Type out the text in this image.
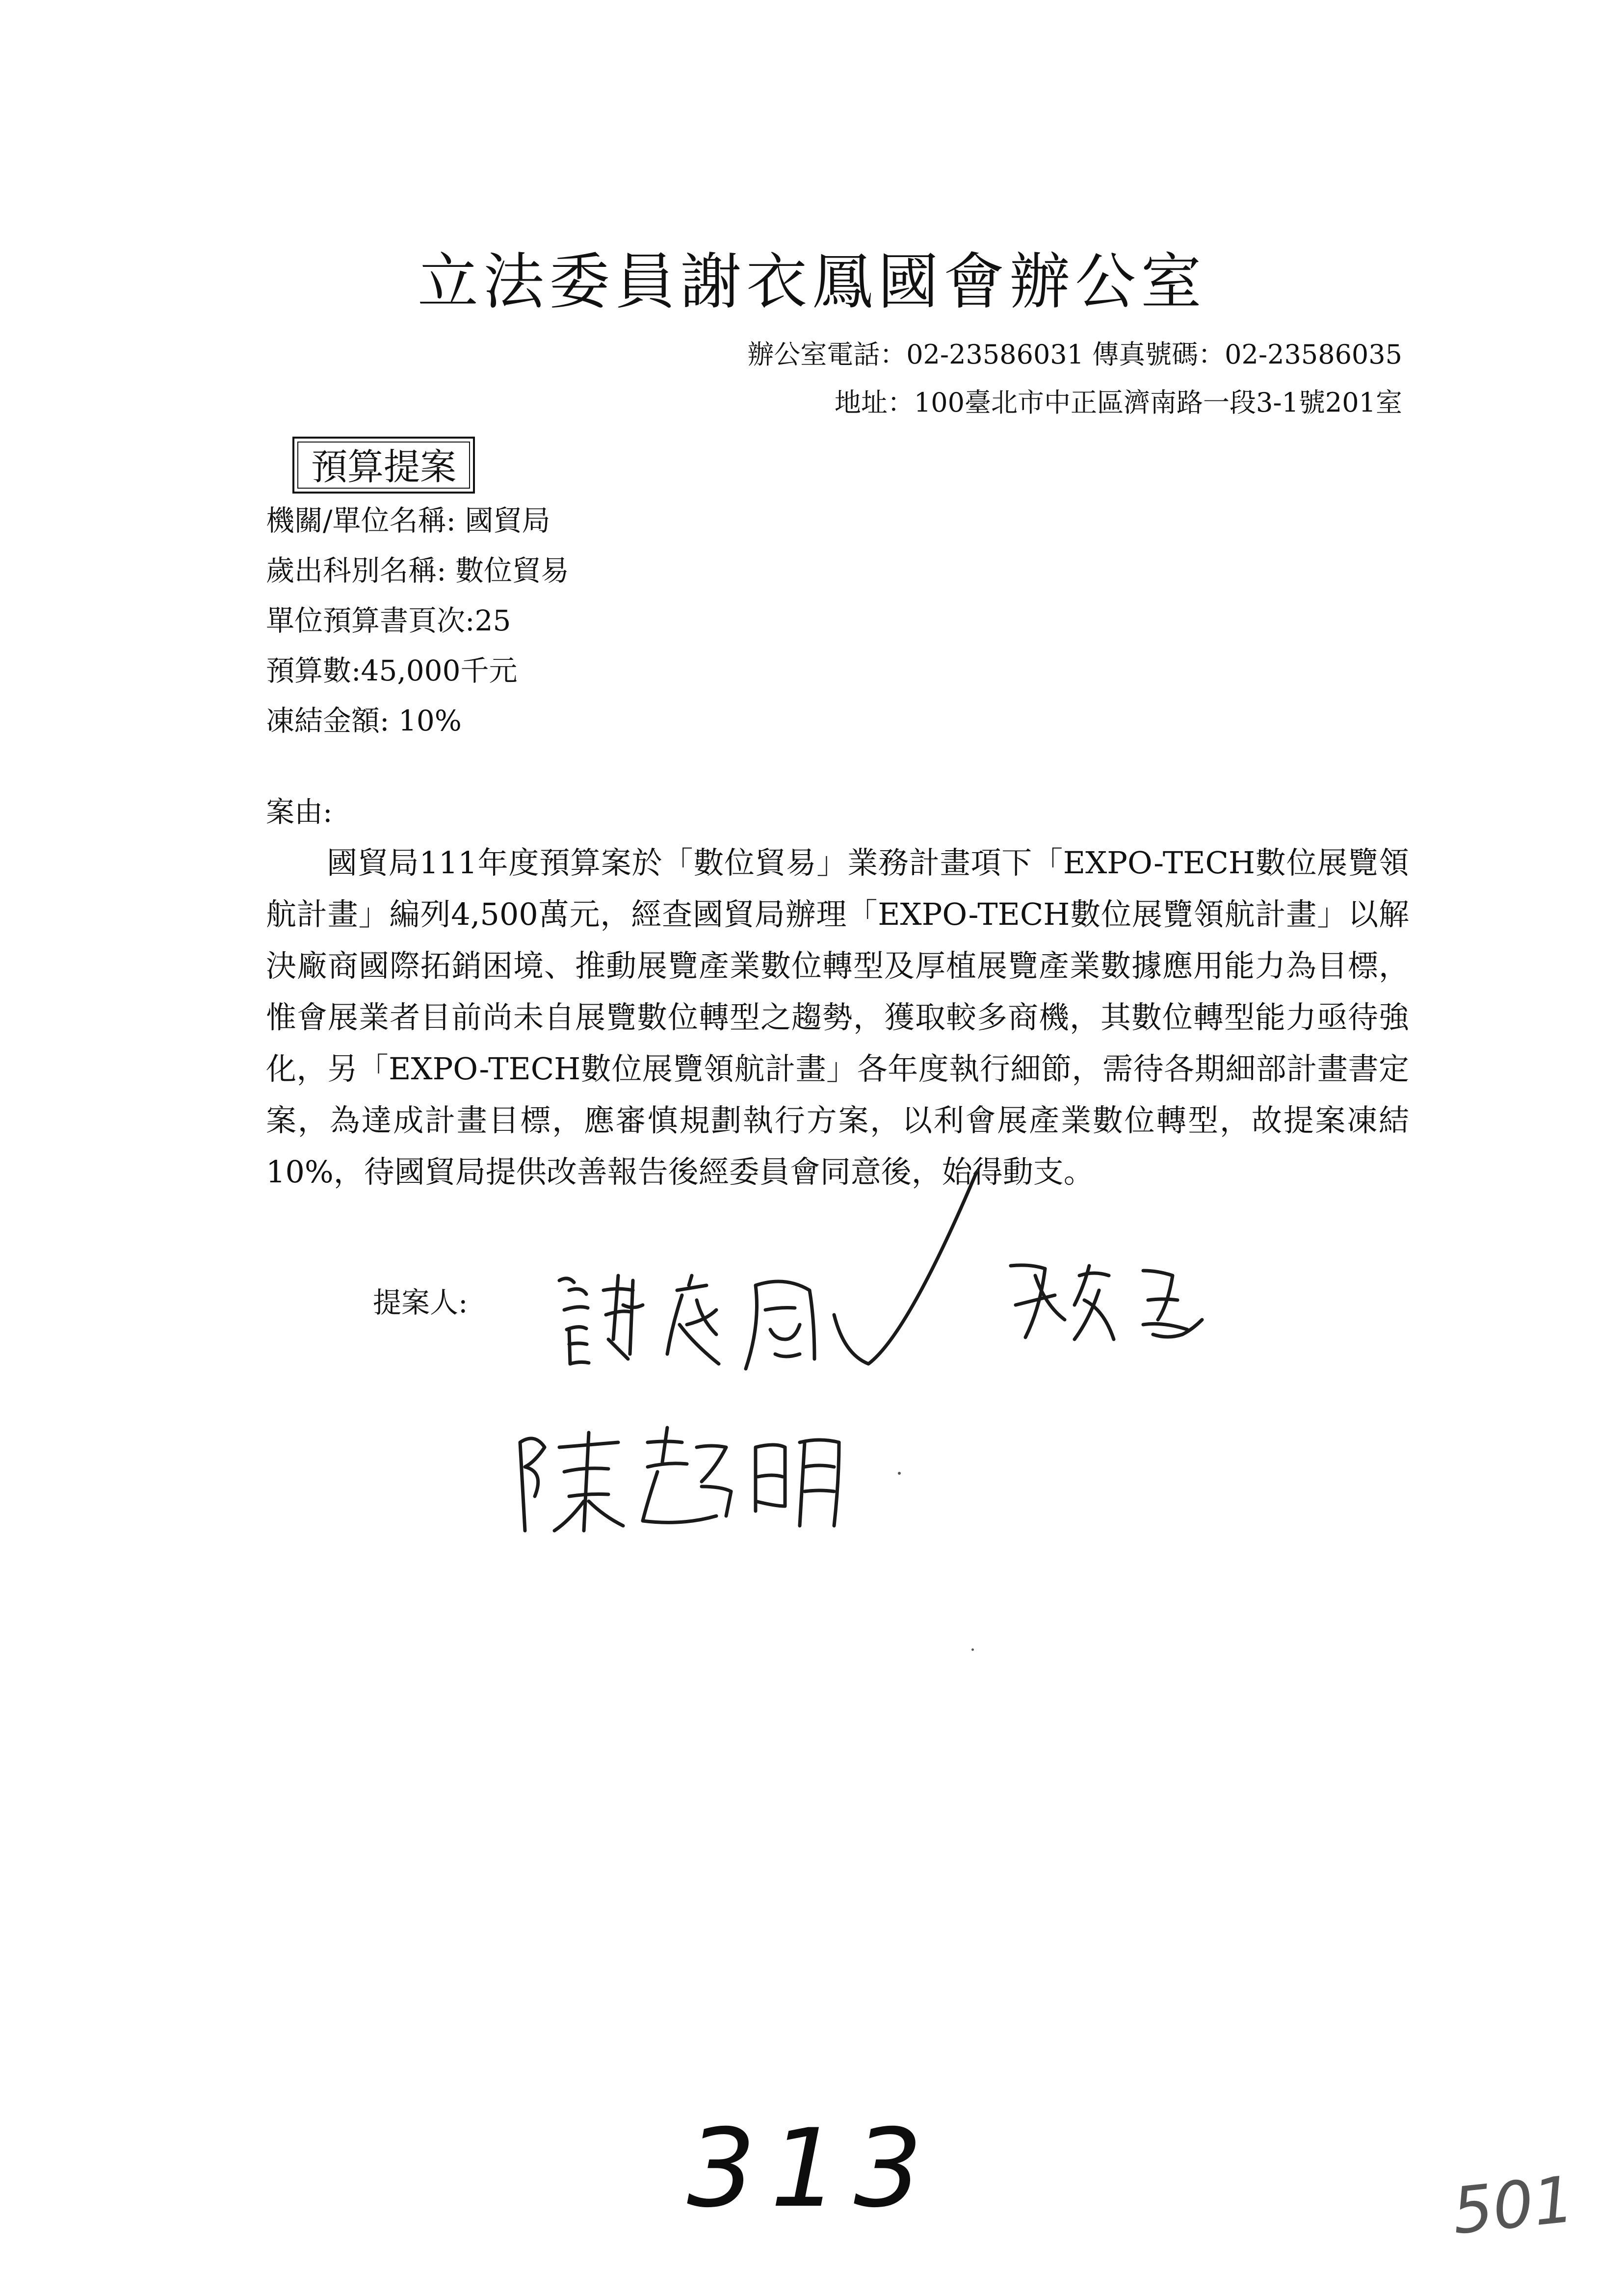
立法委員謝衣鳳國會辦公室
辦公室電話：02-23586031 傳真號碼：02-23586035
地址：100臺北市中正區濟南路一段3-1號201室
預算提案
機關/單位名稱: 國貿局
歲出科別名稱: 數位貿易
單位預算書頁次:25
預算數:45,000千元
凍結金額: 10%
案由:
國貿局111年度預算案於「數位貿易」業務計畫項下「EXPO-TECH數位展覽領航計畫」編列4,500萬元，經查國貿局辦理「EXPO-TECH數位展覽領航計畫」以解決廠商國際拓銷困境、推動展覽產業數位轉型及厚植展覽產業數據應用能力為目標，惟會展業者目前尚未自展覽數位轉型之趨勢，獲取較多商機，其數位轉型能力亟待強化，另「EXPO-TECH數位展覽領航計畫」各年度執行細節，需待各期細部計畫書定案，為達成計畫目標，應審慎規劃執行方案，以利會展產業數位轉型，故提案凍結10%，待國貿局提供改善報告後經委員會同意後，始得動支。
提案人:
313	501
